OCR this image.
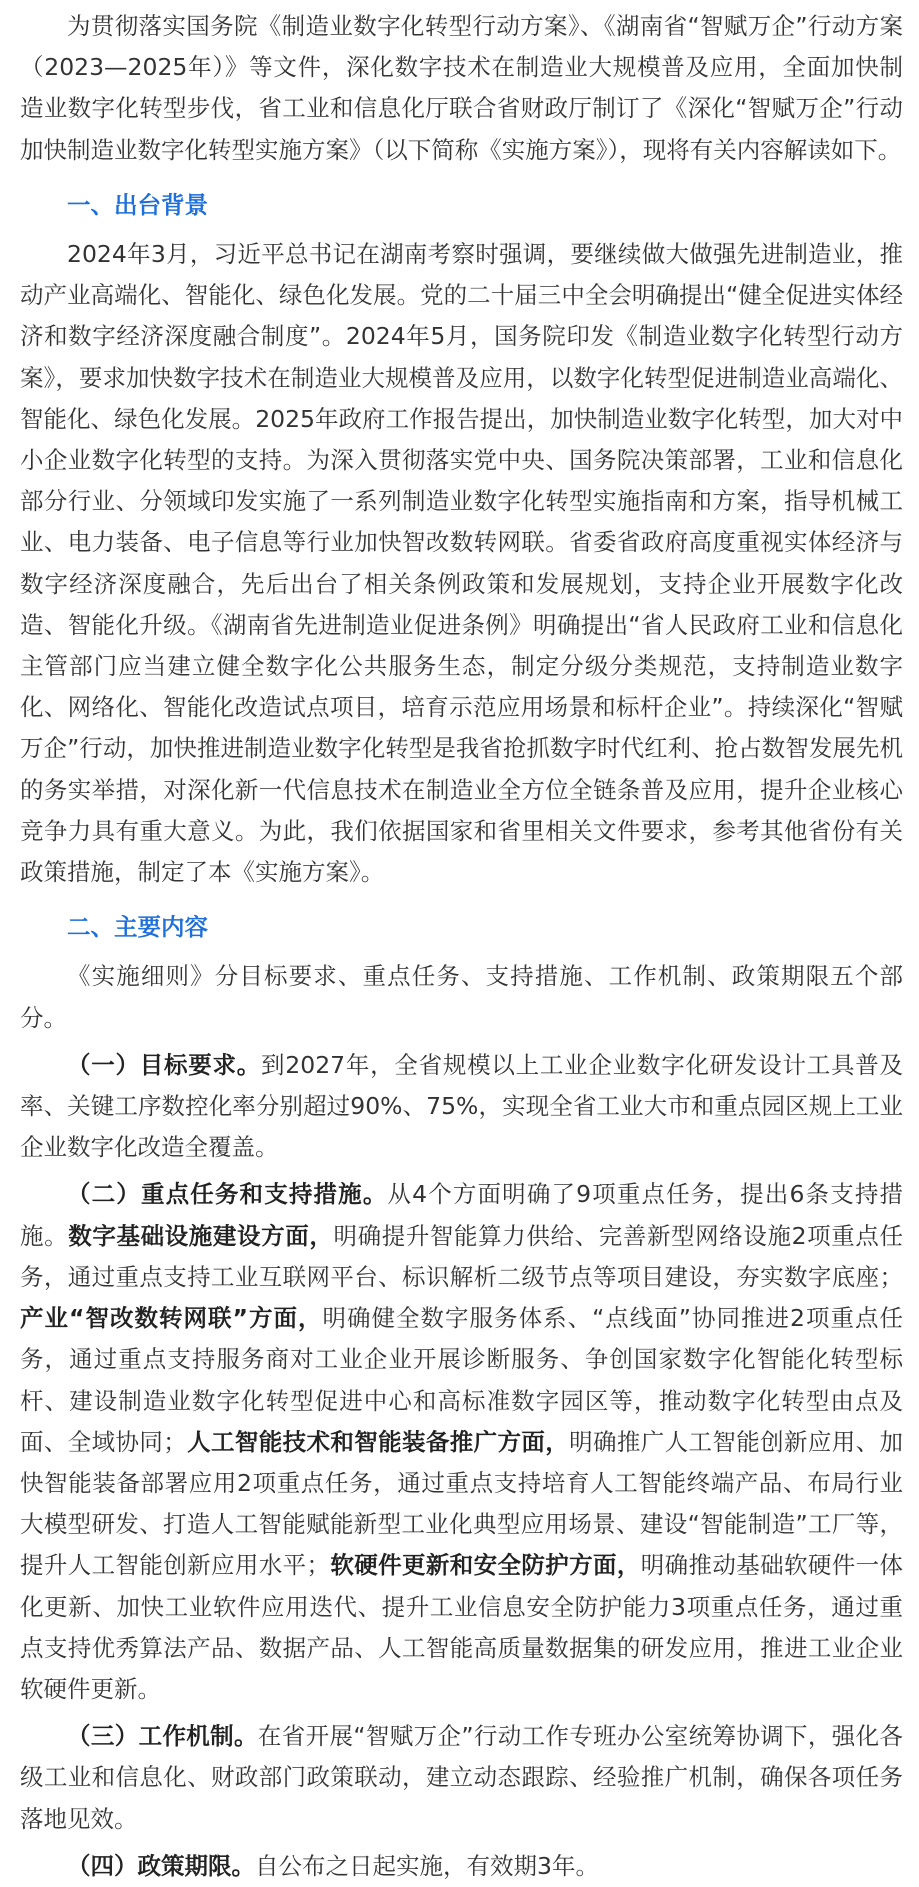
为贯彻落实国务院《制造业数字化转型行动方案》、《湖南省“智赋万企”行动方案（2023—2025年）》等文件，深化数字技术在制造业大规模普及应用，全面加快制造业数字化转型步伐，省工业和信息化厅联合省财政厅制订了《深化“智赋万企”行动加快制造业数字化转型实施方案》（以下简称《实施方案》），现将有关内容解读如下。

一、出台背景

2024年3月，习近平总书记在湖南考察时强调，要继续做大做强先进制造业，推动产业高端化、智能化、绿色化发展。党的二十届三中全会明确提出“健全促进实体经济和数字经济深度融合制度”。2024年5月，国务院印发《制造业数字化转型行动方案》，要求加快数字技术在制造业大规模普及应用，以数字化转型促进制造业高端化、智能化、绿色化发展。2025年政府工作报告提出，加快制造业数字化转型，加大对中小企业数字化转型的支持。为深入贯彻落实党中央、国务院决策部署，工业和信息化部分行业、分领域印发实施了一系列制造业数字化转型实施指南和方案，指导机械工业、电力装备、电子信息等行业加快智改数转网联。省委省政府高度重视实体经济与数字经济深度融合，先后出台了相关条例政策和发展规划，支持企业开展数字化改造、智能化升级。《湖南省先进制造业促进条例》明确提出“省人民政府工业和信息化主管部门应当建立健全数字化公共服务生态，制定分级分类规范，支持制造业数字化、网络化、智能化改造试点项目，培育示范应用场景和标杆企业”。持续深化“智赋万企”行动，加快推进制造业数字化转型是我省抢抓数字时代红利、抢占数智发展先机的务实举措，对深化新一代信息技术在制造业全方位全链条普及应用，提升企业核心竞争力具有重大意义。为此，我们依据国家和省里相关文件要求，参考其他省份有关政策措施，制定了本《实施方案》。

二、主要内容

《实施细则》分目标要求、重点任务、支持措施、工作机制、政策期限五个部分。

（一）目标要求。到2027年，全省规模以上工业企业数字化研发设计工具普及率、关键工序数控化率分别超过90%、75%，实现全省工业大市和重点园区规上工业企业数字化改造全覆盖。

（二）重点任务和支持措施。从4个方面明确了9项重点任务，提出6条支持措施。数字基础设施建设方面，明确提升智能算力供给、完善新型网络设施2项重点任务，通过重点支持工业互联网平台、标识解析二级节点等项目建设，夯实数字底座；产业“智改数转网联”方面，明确健全数字服务体系、“点线面”协同推进2项重点任务，通过重点支持服务商对工业企业开展诊断服务、争创国家数字化智能化转型标杆、建设制造业数字化转型促进中心和高标准数字园区等，推动数字化转型由点及面、全域协同；人工智能技术和智能装备推广方面，明确推广人工智能创新应用、加快智能装备部署应用2项重点任务，通过重点支持培育人工智能终端产品、布局行业大模型研发、打造人工智能赋能新型工业化典型应用场景、建设“智能制造”工厂等，提升人工智能创新应用水平；软硬件更新和安全防护方面，明确推动基础软硬件一体化更新、加快工业软件应用迭代、提升工业信息安全防护能力3项重点任务，通过重点支持优秀算法产品、数据产品、人工智能高质量数据集的研发应用，推进工业企业软硬件更新。

（三）工作机制。在省开展“智赋万企”行动工作专班办公室统筹协调下，强化各级工业和信息化、财政部门政策联动，建立动态跟踪、经验推广机制，确保各项任务落地见效。

（四）政策期限。自公布之日起实施，有效期3年。
